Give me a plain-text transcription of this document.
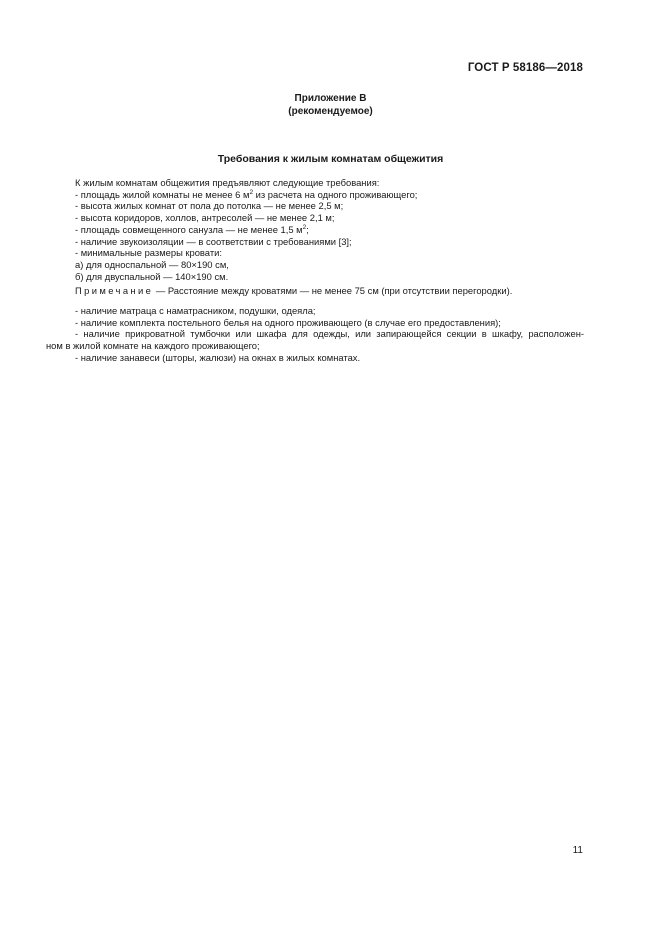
ГОСТ Р 58186—2018
Приложение В
(рекомендуемое)
Требования к жилым комнатам общежития
К жилым комнатам общежития предъявляют следующие требования:
- площадь жилой комнаты не менее 6 $м^2$ из расчета на одного проживающего;
- высота жилых комнат от пола до потолка — не менее 2,5 м;
- высота коридоров, холлов, антресолей — не менее 2,1 м;
- площадь совмещенного санузла — не менее 1,5 $м^2$;
- наличие звукоизоляции — в соответствии с требованиями [3];
- минимальные размеры кровати:
а) для односпальной — 80×190 см,
б) для двуспальной — 140×190 см.
Примечание — Расстояние между кроватями — не менее 75 см (при отсутствии перегородки).
- наличие матраца с наматрасником, подушки, одеяла;
- наличие комплекта постельного белья на одного проживающего (в случае его предоставления);
- наличие прикроватной тумбочки или шкафа для одежды, или запирающейся секции в шкафу, расположен-
ном в жилой комнате на каждого проживающего;
- наличие занавеси (шторы, жалюзи) на окнах в жилых комнатах.
11
